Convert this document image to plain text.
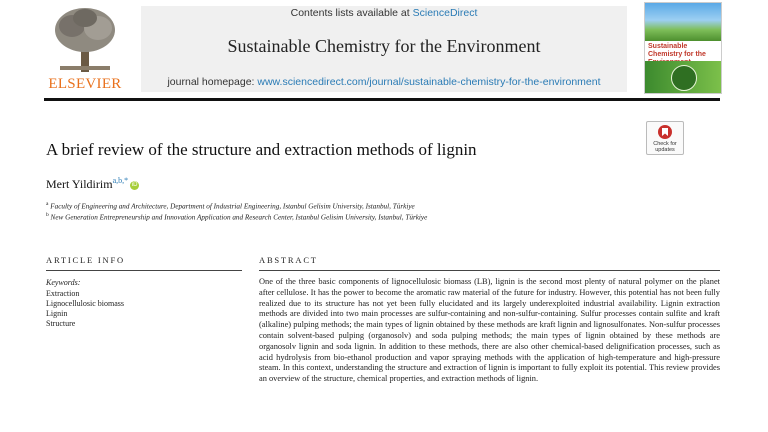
ELSEVIER
Contents lists available at ScienceDirect
Sustainable Chemistry for the Environment
journal homepage: www.sciencedirect.com/journal/sustainable-chemistry-for-the-environment
Sustainable Chemistry for the
A brief review of the structure and extraction methods of lignin	Check for updates
Mert Yildirim$^{a,b,*}$ iD
$^a$ Faculty of Engineering and Architecture, Department of Industrial Engineering, Istanbul Gelisim University, Istanbul, Türkiye
$^b$ New Generation Entrepreneurship and Innovation Application and Research Center, Istanbul Gelisim University, Istanbul, Türkiye
ARTICLE INFO	ABSTRACT
Keywords:
Extraction
Lignocellulosic biomass
Lignin
Structure

One of the three basic components of lignocellulosic biomass (LB), lignin is the second most plenty of natural polymer on the planet after cellulose. It has the power to become the aromatic raw material of the future for industry. However, this potential has not been fully realized due to its structure has not yet been fully elucidated and its largely underexploited industrial availability. Lignin extraction methods are divided into two main processes are sulfur-containing and non-sulfur-containing. Sulfur processes contain sulfite and kraft (alkaline) pulping methods; the main types of lignin obtained by these methods are kraft lignin and lignosulfonates. Non-sulfur processes contain solvent-based pulping (organosolv) and soda pulping methods; the main types of lignin obtained by these methods are organosolv lignin and soda lignin. In addition to these methods, there are also other chemical-based delignification processes, such as acid hydrolysis from bio-ethanol production and vapor spraying methods with the application of high-temperature and high-pressure steam. In this context, understanding the structure and extraction of lignin is important to fully exploit its potential. This review provides an overview of the structure, chemical properties, and extraction methods of lignin.
